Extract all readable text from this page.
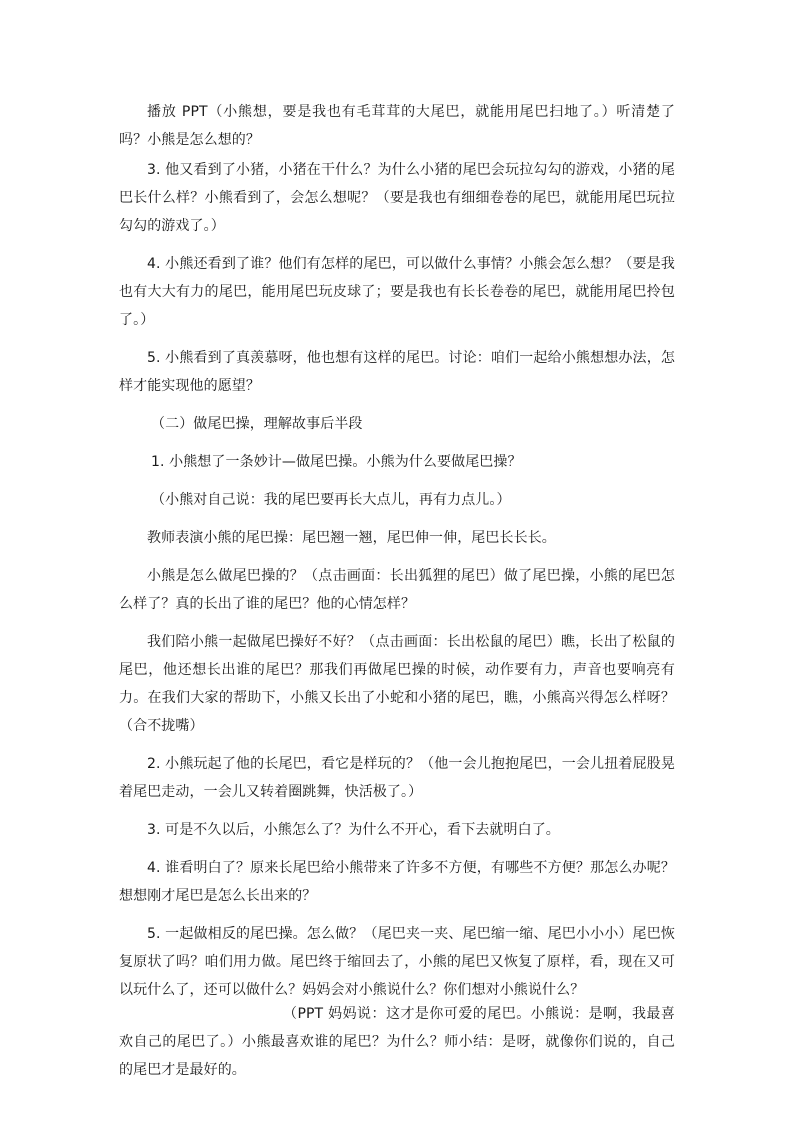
播放 PPT（小熊想，要是我也有毛茸茸的大尾巴，就能用尾巴扫地了。）听清楚了吗？小熊是怎么想的？

3. 他又看到了小猪，小猪在干什么？为什么小猪的尾巴会玩拉勾勾的游戏，小猪的尾巴长什么样？小熊看到了，会怎么想呢？（要是我也有细细卷卷的尾巴，就能用尾巴玩拉勾勾的游戏了。）

4. 小熊还看到了谁？他们有怎样的尾巴，可以做什么事情？小熊会怎么想？（要是我也有大大有力的尾巴，能用尾巴玩皮球了；要是我也有长长卷卷的尾巴，就能用尾巴拎包了。）

5. 小熊看到了真羡慕呀，他也想有这样的尾巴。讨论：咱们一起给小熊想想办法，怎样才能实现他的愿望？

（二）做尾巴操，理解故事后半段

1. 小熊想了一条妙计—做尾巴操。小熊为什么要做尾巴操？

（小熊对自己说：我的尾巴要再长大点儿，再有力点儿。）

教师表演小熊的尾巴操：尾巴翘一翘，尾巴伸一伸，尾巴长长长。

小熊是怎么做尾巴操的？（点击画面：长出狐狸的尾巴）做了尾巴操，小熊的尾巴怎么样了？真的长出了谁的尾巴？他的心情怎样？

我们陪小熊一起做尾巴操好不好？（点击画面：长出松鼠的尾巴）瞧，长出了松鼠的尾巴，他还想长出谁的尾巴？那我们再做尾巴操的时候，动作要有力，声音也要响亮有力。在我们大家的帮助下，小熊又长出了小蛇和小猪的尾巴，瞧，小熊高兴得怎么样呀？（合不拢嘴）

2. 小熊玩起了他的长尾巴，看它是样玩的？（他一会儿抱抱尾巴，一会儿扭着屁股晃着尾巴走动，一会儿又转着圈跳舞，快活极了。）

3. 可是不久以后，小熊怎么了？为什么不开心，看下去就明白了。

4. 谁看明白了？原来长尾巴给小熊带来了许多不方便，有哪些不方便？那怎么办呢？想想刚才尾巴是怎么长出来的？

5. 一起做相反的尾巴操。怎么做？（尾巴夹一夹、尾巴缩一缩、尾巴小小小）尾巴恢复原状了吗？咱们用力做。尾巴终于缩回去了，小熊的尾巴又恢复了原样，看，现在又可以玩什么了，还可以做什么？妈妈会对小熊说什么？你们想对小熊说什么？

（PPT 妈妈说：这才是你可爱的尾巴。小熊说：是啊，我最喜欢自己的尾巴了。）小熊最喜欢谁的尾巴？为什么？师小结：是呀，就像你们说的，自己的尾巴才是最好的。
